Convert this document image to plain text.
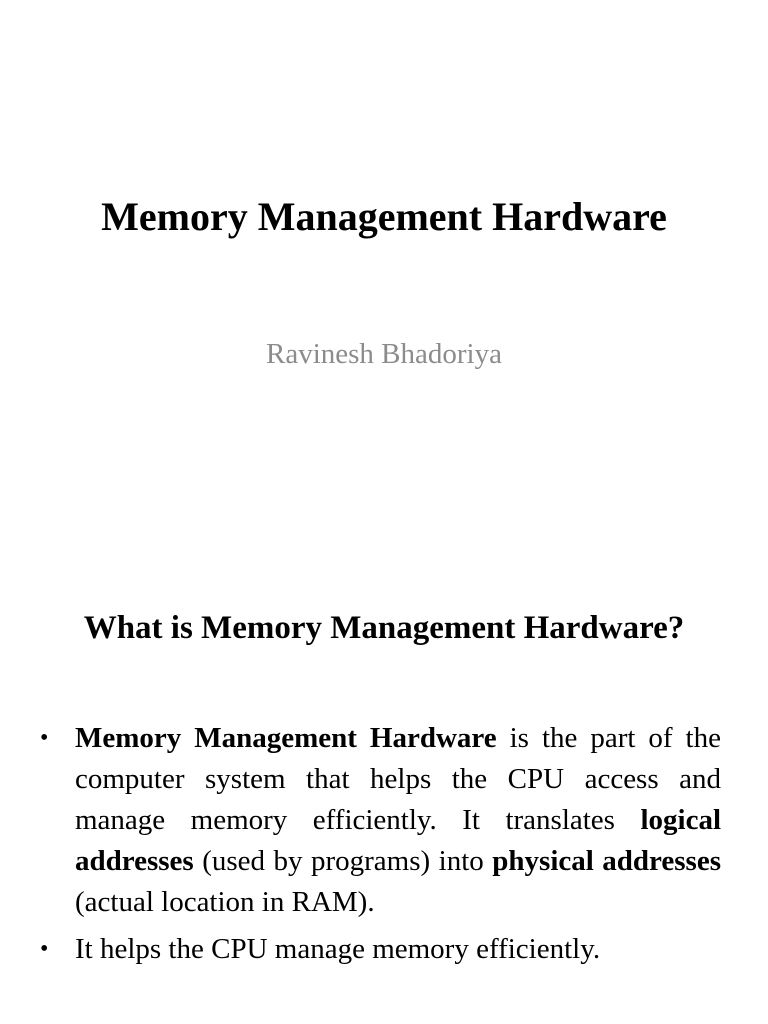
Memory Management Hardware

Ravinesh Bhadoriya

What is Memory Management Hardware?
• Memory Management Hardware is the part of the computer system that helps the CPU access and manage memory efficiently. It translates logical addresses (used by programs) into physical addresses (actual location in RAM).
• It helps the CPU manage memory efficiently.
